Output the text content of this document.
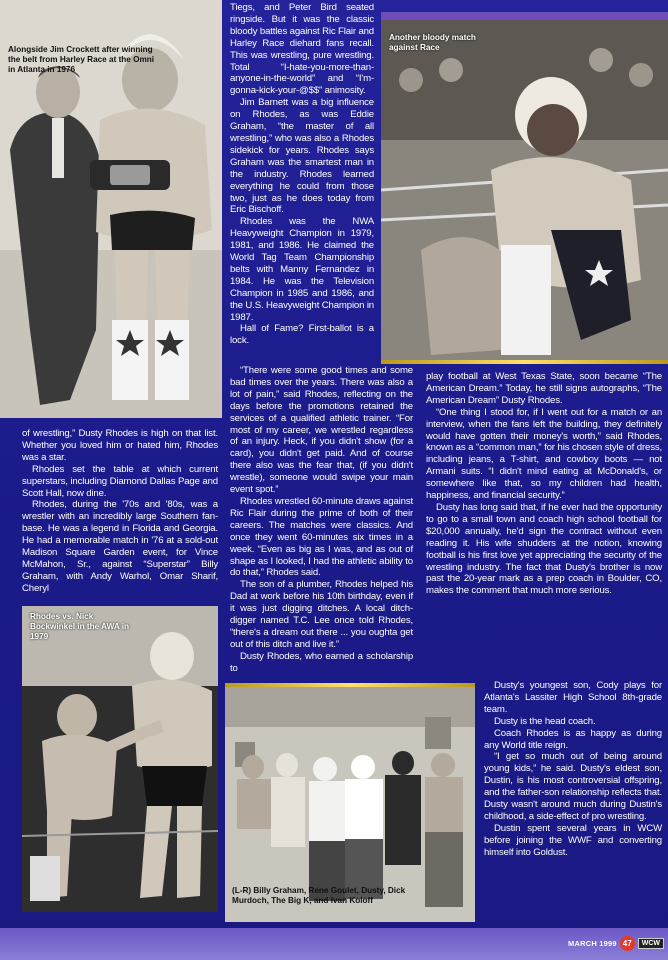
Alongside Jim Crockett after winning the belt from Harley Race at the Omni in Atlanta in 1976
Another bloody match against Race

Tiegs, and Peter Bird seated ringside. But it was the classic bloody battles against Ric Flair and Harley Race diehard fans recall. This was wrestling, pure wrestling. Total “I-hate-you-more-than-anyone-in-the-world” and “I'm-gonna-kick-your-@$$” animosity.

Jim Barnett was a big influence on Rhodes, as was Eddie Graham, “the master of all wrestling,” who was also a Rhodes sidekick for years. Rhodes says Graham was the smartest man in the industry. Rhodes learned everything he could from those two, just as he does today from Eric Bischoff.

Rhodes was the NWA Heavyweight Champion in 1979, 1981, and 1986. He claimed the World Tag Team Championship belts with Manny Fernandez in 1984. He was the Television Champion in 1985 and 1986, and the U.S. Heavyweight Champion in 1987.

Hall of Fame? First-ballot is a lock.

“There were some good times and some bad times over the years. There was also a lot of pain,” said Rhodes, reflecting on the days before the promotions retained the services of a qualified athletic trainer. “For most of my career, we wrestled regardless of an injury. Heck, if you didn't show (for a card), you didn't get paid. And of course there also was the fear that, (if you didn't wrestle), someone would swipe your main event spot.”

Rhodes wrestled 60-minute draws against Ric Flair during the prime of both of their careers. The matches were classics. And once they went 60-minutes six times in a week. “Even as big as I was, and as out of shape as I looked, I had the athletic ability to do that,” Rhodes said.

The son of a plumber, Rhodes helped his Dad at work before his 10th birthday, even if it was just digging ditches. A local ditch-digger named T.C. Lee once told Rhodes, “there's a dream out there ... you oughta get out of this ditch and live it.”

Dusty Rhodes, who earned a scholarship to

of wrestling,” Dusty Rhodes is high on that list. Whether you loved him or hated him, Rhodes was a star.

Rhodes set the table at which current superstars, including Diamond Dallas Page and Scott Hall, now dine.

Rhodes, during the '70s and '80s, was a wrestler with an incredibly large Southern fan-base. He was a legend in Florida and Georgia. He had a memorable match in '76 at a sold-out Madison Square Garden event, for Vince McMahon, Sr., against “Superstar” Billy Graham, with Andy Warhol, Omar Sharif, Cheryl

play football at West Texas State, soon became “The American Dream.” Today, he still signs autographs, “The American Dream” Dusty Rhodes.

“One thing I stood for, if I went out for a match or an interview, when the fans left the building, they definitely would have gotten their money's worth,” said Rhodes, known as a “common man,” for his chosen style of dress, including jeans, a T-shirt, and cowboy boots — not Armani suits. “I didn't mind eating at McDonald's, or somewhere like that, so my children had health, happiness, and financial security.”

Dusty has long said that, if he ever had the opportunity to go to a small town and coach high school football for $20,000 annually, he'd sign the contract without even reading it. His wife shudders at the notion, knowing football is his first love yet appreciating the security of the wrestling industry. The fact that Dusty's brother is now past the 20-year mark as a prep coach in Boulder, CO, makes the comment that much more serious.

Rhodes vs. Nick Bockwinkel in the AWA in 1979
(L-R) Billy Graham, Rene Goulet, Dusty, Dick Murdoch, The Big K, and Ivan Koloff

Dusty's youngest son, Cody plays for Atlanta's Lassiter High School 8th-grade team.

Dusty is the head coach.

Coach Rhodes is as happy as during any World title reign.

“I get so much out of being around young kids,” he said. Dusty's eldest son, Dustin, is his most controversial offspring, and the father-son relationship reflects that. Dusty wasn't around much during Dustin's childhood, a side-effect of pro wrestling.

Dustin spent several years in WCW before joining the WWF and converting himself into Goldust.

MARCH 1999 47	WCW
